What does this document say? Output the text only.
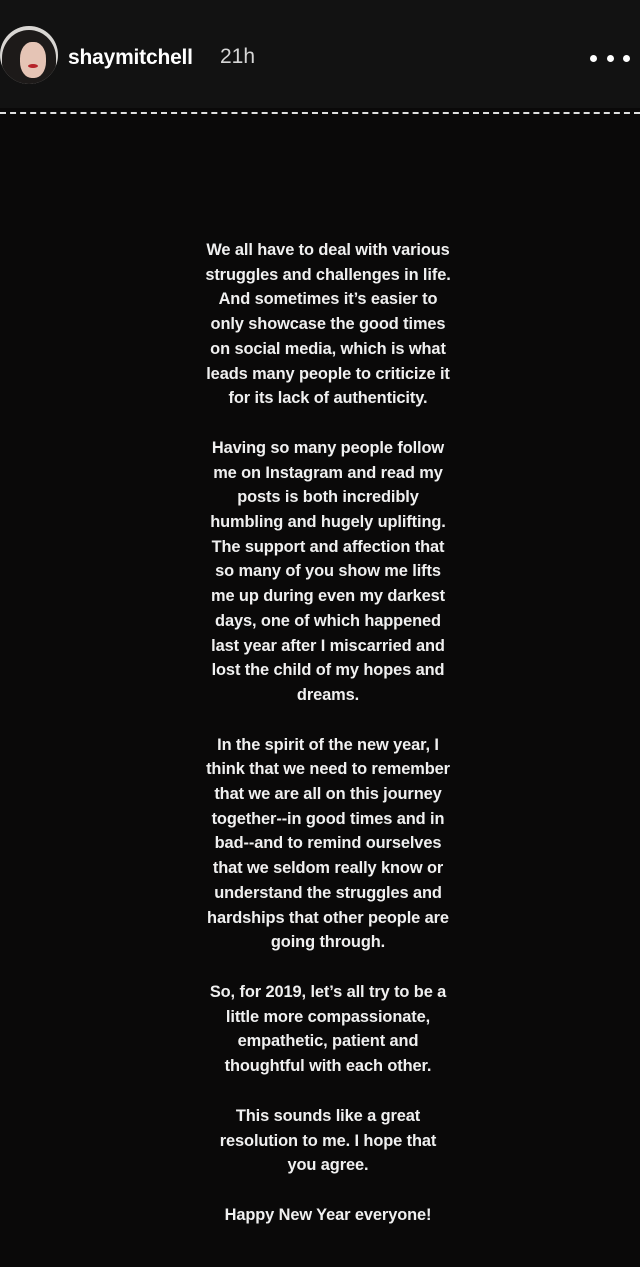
shaymitchell 21h

We all have to deal with various
struggles and challenges in life.
And sometimes it’s easier to
only showcase the good times
on social media, which is what
leads many people to criticize it
for its lack of authenticity.

Having so many people follow
me on Instagram and read my
posts is both incredibly
humbling and hugely uplifting.
The support and affection that
so many of you show me lifts
me up during even my darkest
days, one of which happened
last year after I miscarried and
lost the child of my hopes and
dreams.

In the spirit of the new year, I
think that we need to remember
that we are all on this journey
together--in good times and in
bad--and to remind ourselves
that we seldom really know or
understand the struggles and
hardships that other people are
going through.

So, for 2019, let’s all try to be a
little more compassionate,
empathetic, patient and
thoughtful with each other.

This sounds like a great
resolution to me. I hope that
you agree.

Happy New Year everyone!
